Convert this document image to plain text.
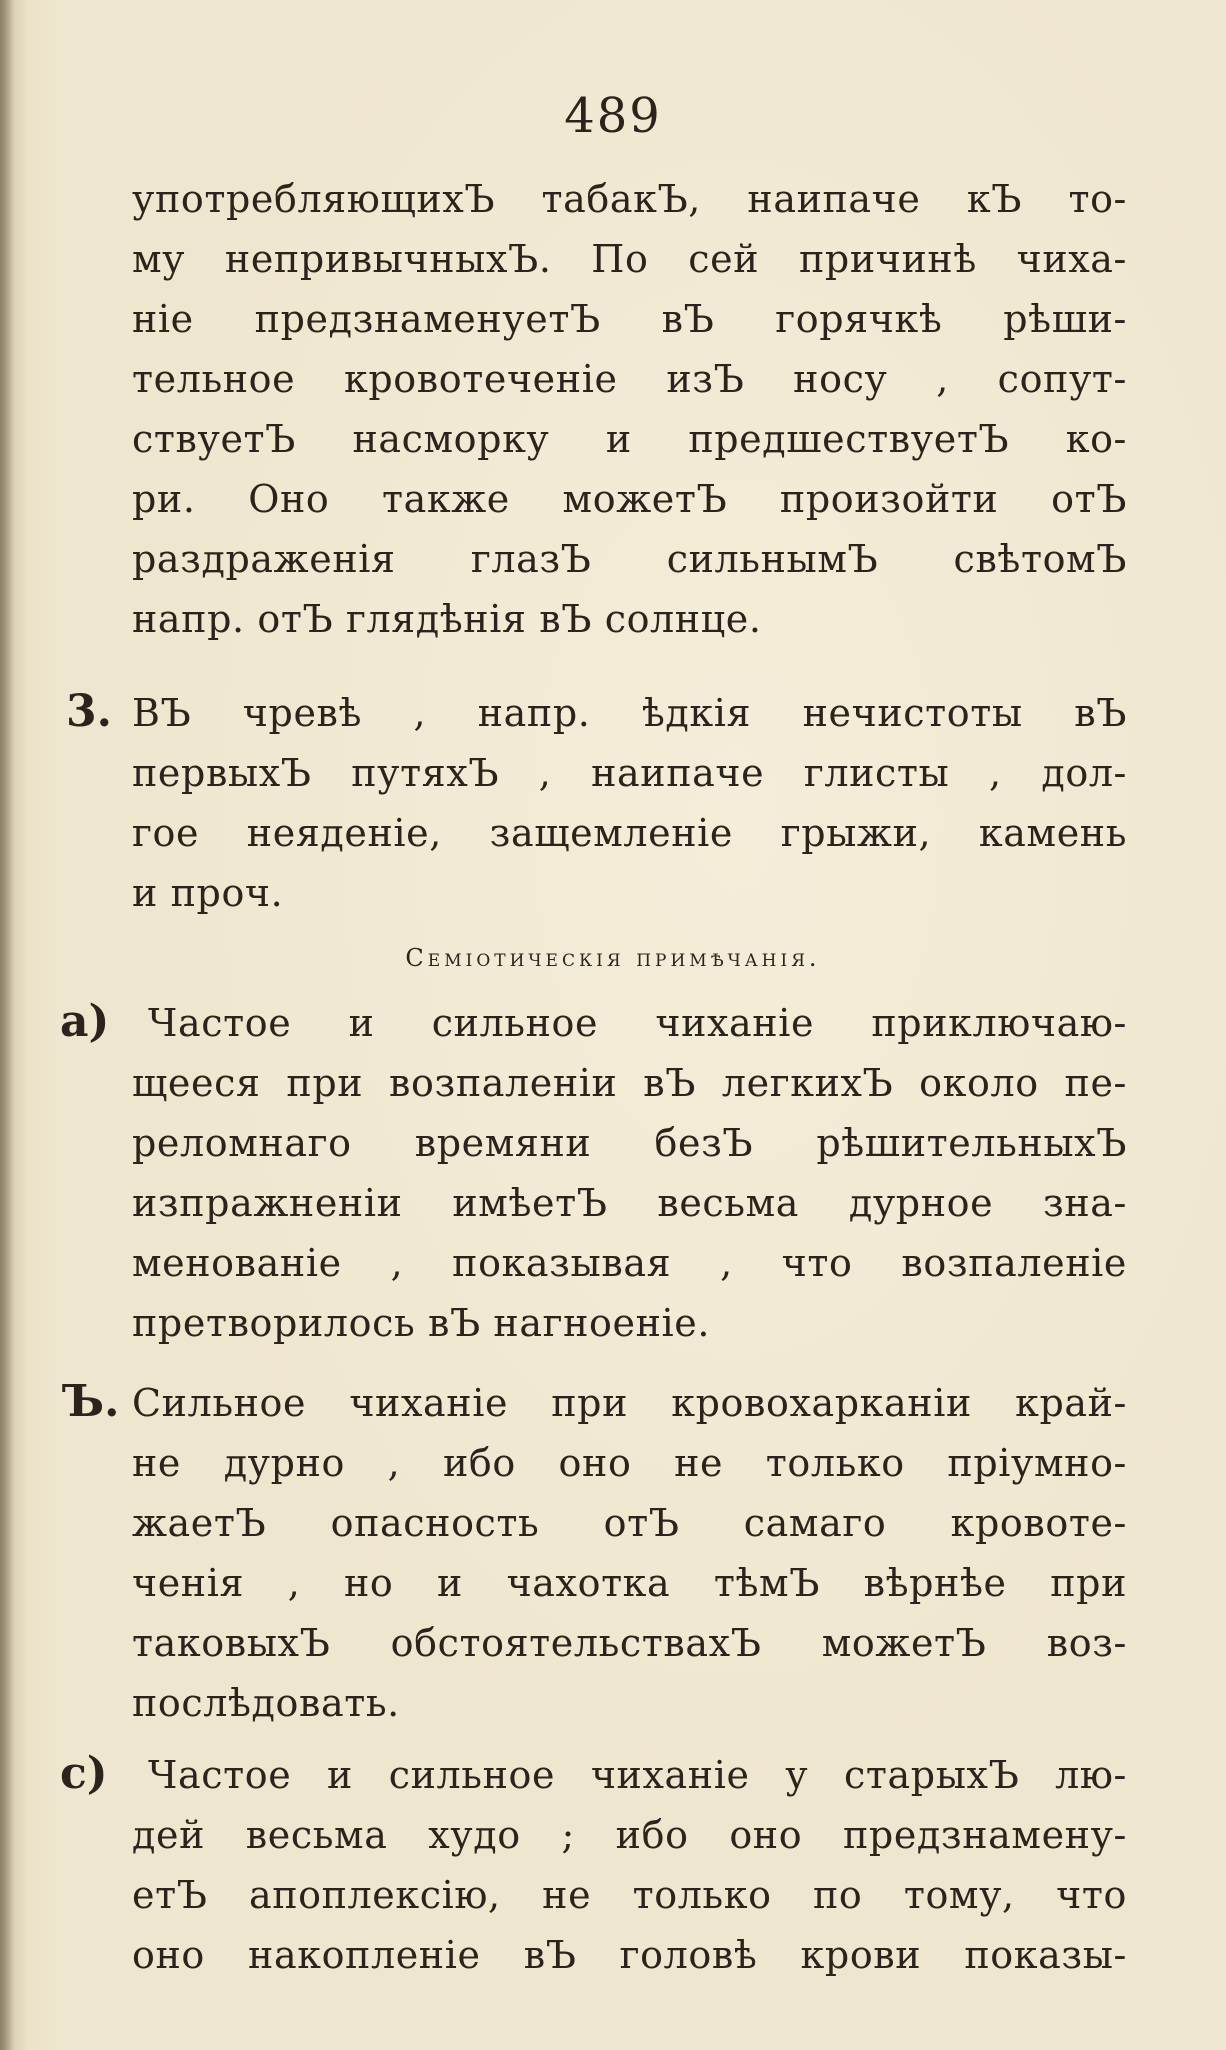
489
употребляющихЪ табакЪ, наипаче кЪ то-
му непривычныхЪ. По сей причинѣ чиха-
нiе предзнаменуетЪ вЪ горячкѣ рѣши-
тельное кровотеченiе изЪ носу , сопут-
ствуетЪ насморку и предшествуетЪ ко-
ри. Оно также можетЪ произойти отЪ
раздраженiя глазЪ сильнымЪ свѣтомЪ
напр. отЪ глядѣнiя вЪ солнце.
3. ВЪ чревѣ , напр. ѣдкiя нечистоты вЪ
первыхЪ путяхЪ , наипаче глисты , дол-
гое неяденiе, защемленiе грыжи, камень
и проч.
Семiотическiя примѣчанiя.
a) Частое и сильное чиханiе приключаю-
щееся при возпаленiи вЪ легкихЪ около пе-
реломнаго времяни безЪ рѣшительныхЪ
изпражненiи имѣетЪ весьма дурное зна-
менованiе , показывая , что возпаленiе
претворилось вЪ нагноенiе.
Ъ. Сильное чиханiе при кровохарканiи край-
не дурно , ибо оно не только прiумно-
жаетЪ опасность отЪ самаго кровоте-
ченiя , но и чахотка тѣмЪ вѣрнѣе при
таковыхЪ обстоятельствахЪ можетЪ воз-
послѣдовать.
c) Частое и сильное чиханiе у старыхЪ лю-
дей весьма худо ; ибо оно предзнамену-
етЪ апоплексiю, не только по тому, что
оно накопленiе вЪ головѣ крови показы-
